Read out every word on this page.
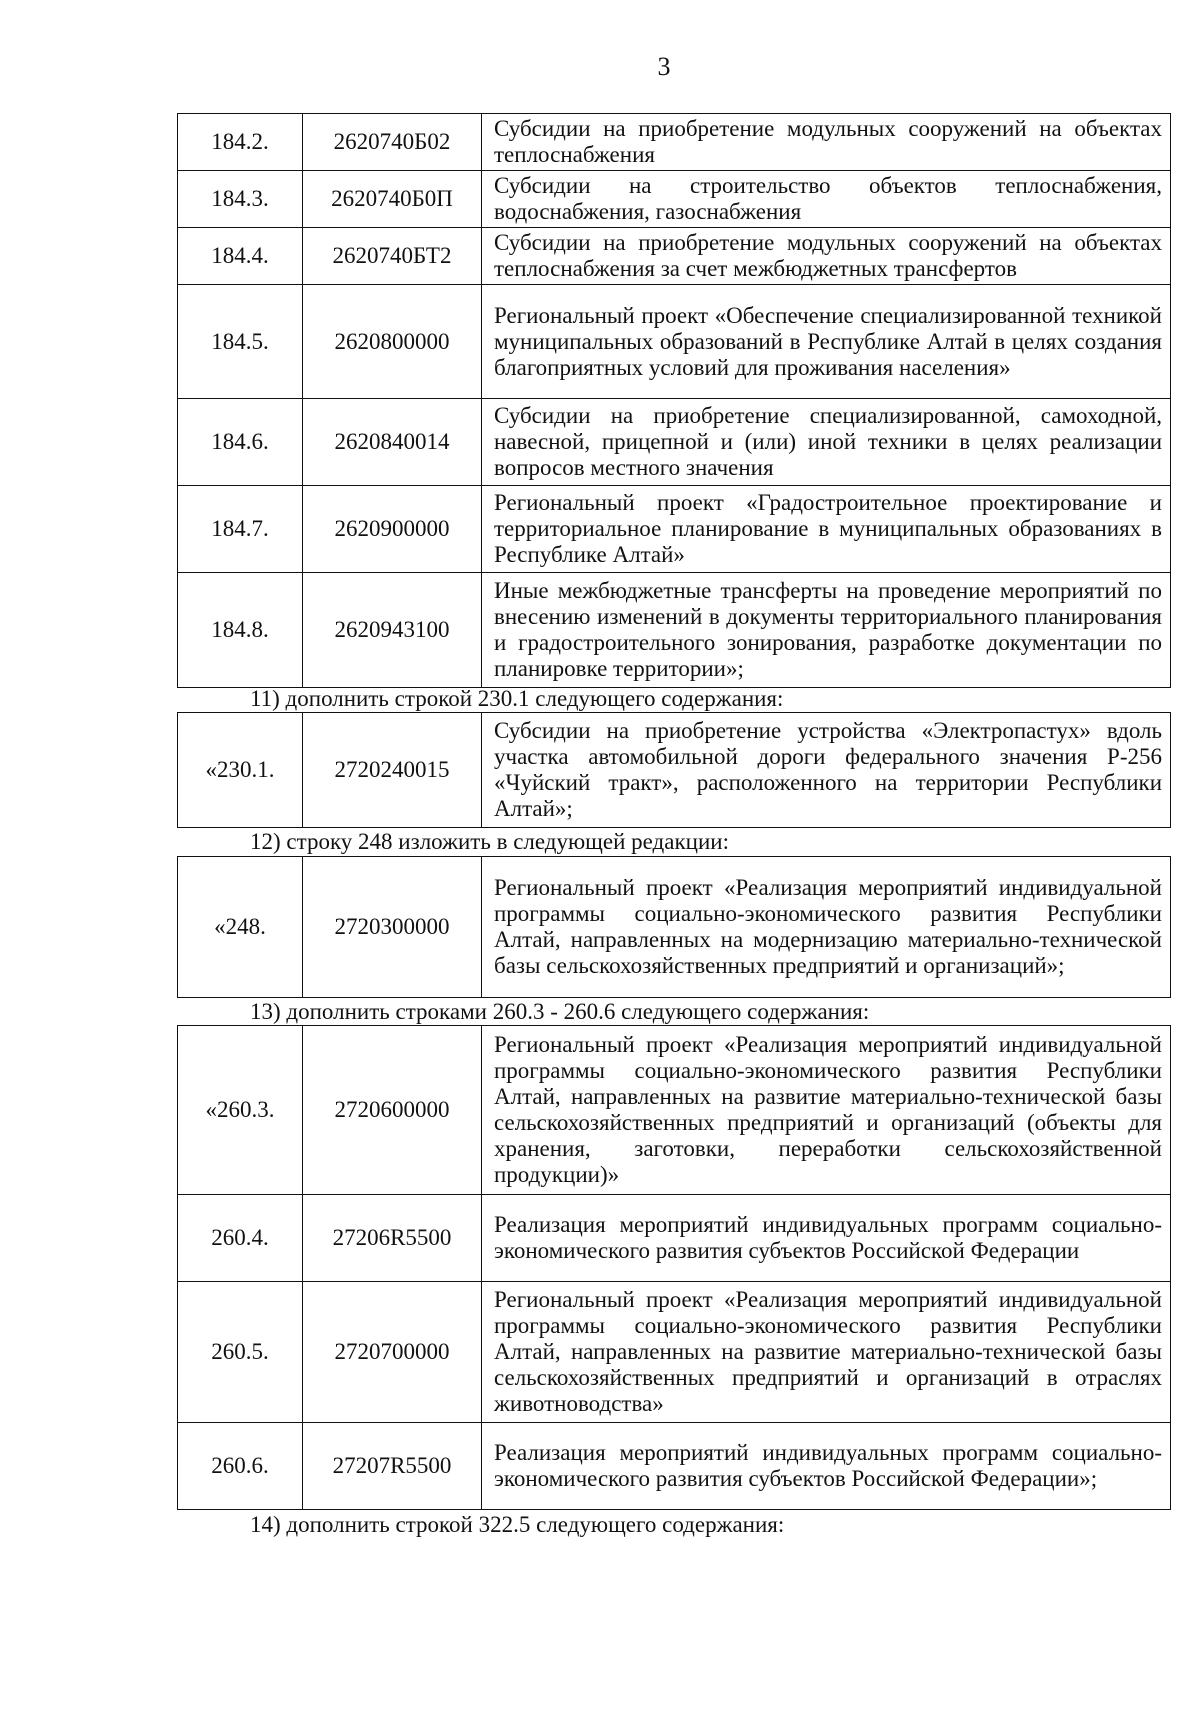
3
184.2.	2620740Б02	Субсидии на приобретение модульных сооружений на объектах теплоснабжения
184.3.	2620740Б0П	Субсидии на строительство объектов теплоснабжения, водоснабжения, газоснабжения
184.4.	2620740БТ2	Субсидии на приобретение модульных сооружений на объектах теплоснабжения за счет межбюджетных трансфертов
184.5.	2620800000	Региональный проект «Обеспечение специализированной техникой муниципальных образований в Республике Алтай в целях создания благоприятных условий для проживания населения»
184.6.	2620840014	Субсидии на приобретение специализированной, самоходной, навесной, прицепной и (или) иной техники в целях реализации вопросов местного значения
184.7.	2620900000	Региональный проект «Градостроительное проектирование и территориальное планирование в муниципальных образованиях в Республике Алтай»
184.8.	2620943100	Иные межбюджетные трансферты на проведение мероприятий по внесению изменений в документы территориального планирования и градостроительного зонирования, разработке документации по планировке территории»;
11) дополнить строкой 230.1 следующего содержания:
«230.1.	2720240015	Субсидии на приобретение устройства «Электропастух» вдоль участка автомобильной дороги федерального значения Р-256 «Чуйский тракт», расположенного на территории Республики Алтай»;
12) строку 248 изложить в следующей редакции:
«248.	2720300000	Региональный проект «Реализация мероприятий индивидуальной программы социально-экономического развития Республики Алтай, направленных на модернизацию материально-технической базы сельскохозяйственных предприятий и организаций»;
13) дополнить строками 260.3 - 260.6 следующего содержания:
«260.3.	2720600000	Региональный проект «Реализация мероприятий индивидуальной программы социально-экономического развития Республики Алтай, направленных на развитие материально-технической базы сельскохозяйственных предприятий и организаций (объекты для хранения, заготовки, переработки сельскохозяйственной продукции)»
260.4.	27206R5500	Реализация мероприятий индивидуальных программ социально-экономического развития субъектов Российской Федерации
260.5.	2720700000	Региональный проект «Реализация мероприятий индивидуальной программы социально-экономического развития Республики Алтай, направленных на развитие материально-технической базы сельскохозяйственных предприятий и организаций в отраслях животноводства»
260.6.	27207R5500	Реализация мероприятий индивидуальных программ социально-экономического развития субъектов Российской Федерации»;
14) дополнить строкой 322.5 следующего содержания:
